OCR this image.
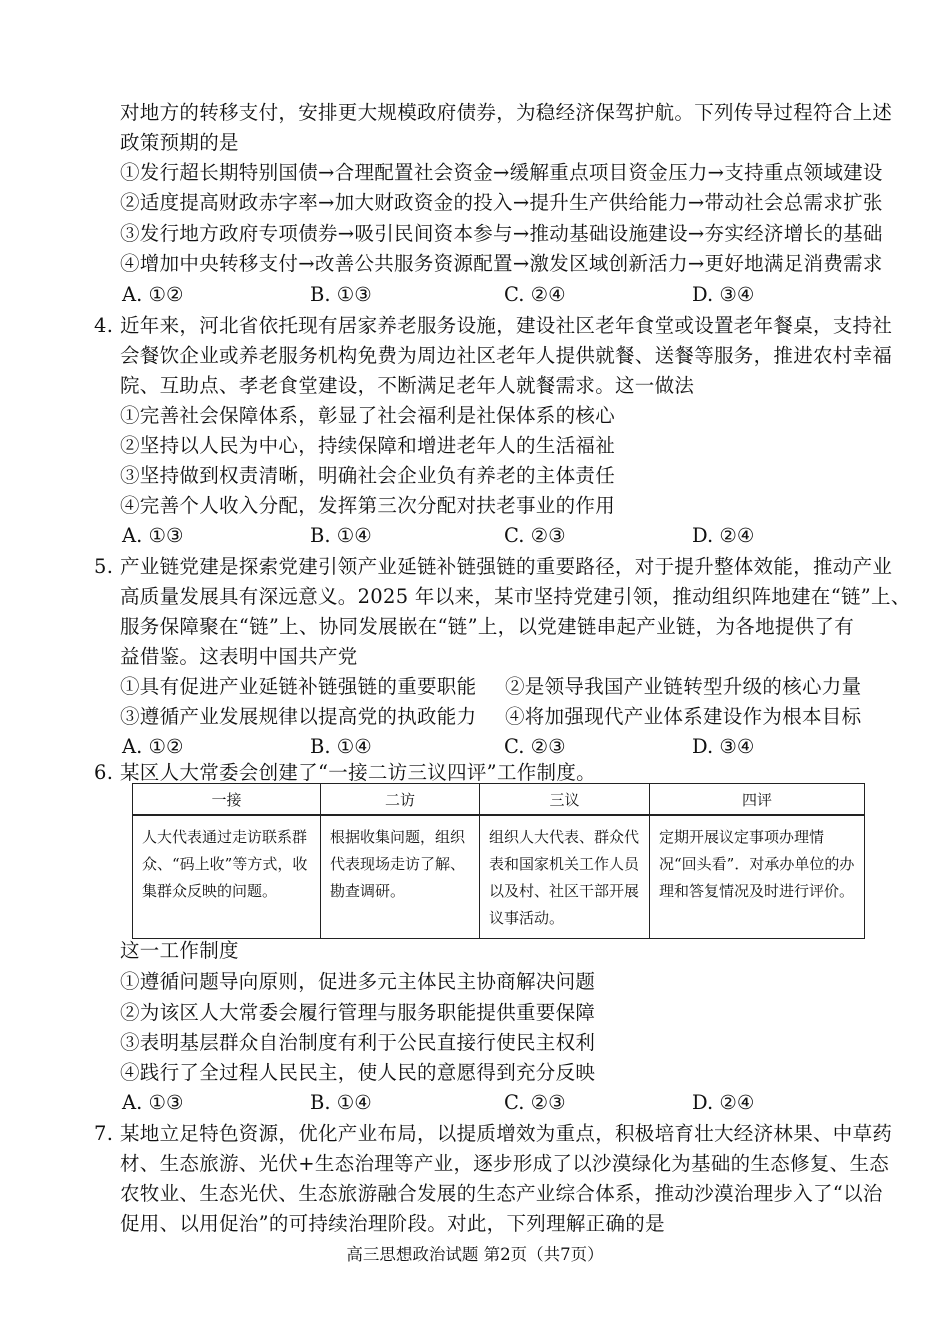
对地方的转移支付，安排更大规模政府债券，为稳经济保驾护航。下列传导过程符合上述
政策预期的是
①发行超长期特别国债→合理配置社会资金→缓解重点项目资金压力→支持重点领域建设
②适度提高财政赤字率→加大财政资金的投入→提升生产供给能力→带动社会总需求扩张
③发行地方政府专项债券→吸引民间资本参与→推动基础设施建设→夯实经济增长的基础
④增加中央转移支付→改善公共服务资源配置→激发区域创新活力→更好地满足消费需求
A. ①②	B. ①③	C. ②④	D. ③④
4. 近年来，河北省依托现有居家养老服务设施，建设社区老年食堂或设置老年餐桌，支持社
会餐饮企业或养老服务机构免费为周边社区老年人提供就餐、送餐等服务，推进农村幸福
院、互助点、孝老食堂建设，不断满足老年人就餐需求。这一做法
①完善社会保障体系，彰显了社会福利是社保体系的核心
②坚持以人民为中心，持续保障和增进老年人的生活福祉
③坚持做到权责清晰，明确社会企业负有养老的主体责任
④完善个人收入分配，发挥第三次分配对扶老事业的作用
A. ①③	B. ①④	C. ②③	D. ②④
5. 产业链党建是探索党建引领产业延链补链强链的重要路径，对于提升整体效能，推动产业
高质量发展具有深远意义。2025 年以来，某市坚持党建引领，推动组织阵地建在“链”上、
服务保障聚在“链”上、协同发展嵌在“链”上，以党建链串起产业链，为各地提供了有
益借鉴。这表明中国共产党
①具有促进产业延链补链强链的重要职能 ②是领导我国产业链转型升级的核心力量
③遵循产业发展规律以提高党的执政能力 ④将加强现代产业体系建设作为根本目标
A. ①②	B. ①④	C. ②③	D. ③④
6. 某区人大常委会创建了“一接二访三议四评”工作制度。
一接	二访	三议	四评
人大代表通过走访联系群众、“码上收”等方式，收集群众反映的问题。	根据收集问题，组织代表现场走访了解、勘查调研。	组织人大代表、群众代表和国家机关工作人员以及村、社区干部开展议事活动。	定期开展议定事项办理情况“回头看”．对承办单位的办理和答复情况及时进行评价。
这一工作制度
①遵循问题导向原则，促进多元主体民主协商解决问题
②为该区人大常委会履行管理与服务职能提供重要保障
③表明基层群众自治制度有利于公民直接行使民主权利
④践行了全过程人民民主，使人民的意愿得到充分反映
A. ①③	B. ①④	C. ②③	D. ②④
7. 某地立足特色资源，优化产业布局，以提质增效为重点，积极培育壮大经济林果、中草药
材、生态旅游、光伏+生态治理等产业，逐步形成了以沙漠绿化为基础的生态修复、生态
农牧业、生态光伏、生态旅游融合发展的生态产业综合体系，推动沙漠治理步入了“以治
促用、以用促治”的可持续治理阶段。对此，下列理解正确的是
高三思想政治试题 第2页（共7页）
